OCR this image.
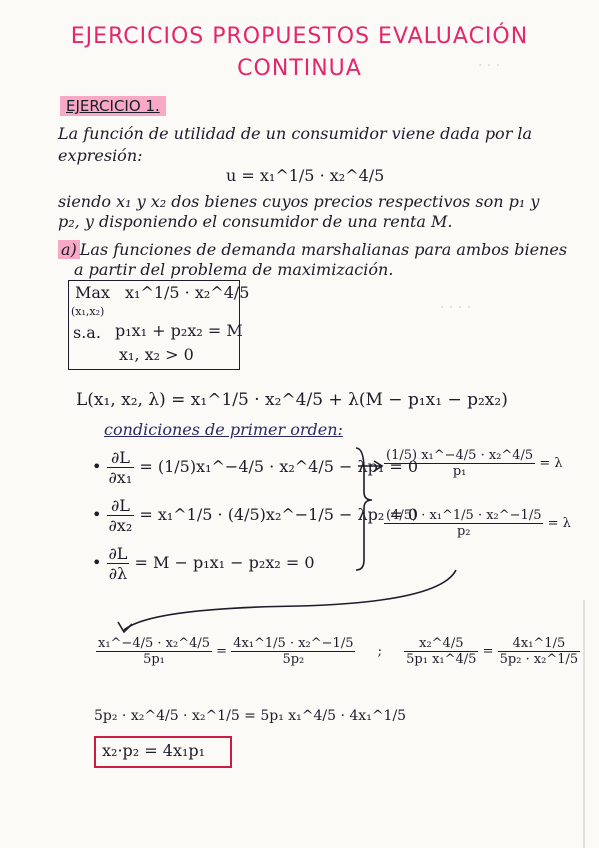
· · ·
· · · ·
EJERCICIOS PROPUESTOS EVALUACIÓN
CONTINUA
EJERCICIO 1.
La función de utilidad de un consumidor viene dada por la
expresión:
u = x₁^1/5 · x₂^4/5
siendo x₁ y x₂ dos bienes cuyos precios respectivos son p₁ y
p₂, y disponiendo el consumidor de una renta M.
a) Las funciones de demanda marshalianas para ambos bienes
a partir del problema de maximización.
Max x₁^1/5 · x₂^4/5
(x₁,x₂)
s.a. p₁x₁ + p₂x₂ = M
x₁, x₂ > 0
L(x₁, x₂, λ) = x₁^1/5 · x₂^4/5 + λ(M − p₁x₁ − p₂x₂)
condiciones de primer orden:
• $\frac{\partial L}{\text{∂x₁}}$ = (1/5)x₁^−4/5 · x₂^4/5 − λp₁ = 0
• $\frac{\partial L}{\text{∂x₂}}$ = x₁^1/5 · (4/5)x₂^−1/5 − λp₂ = 0
• $\frac{\partial L}{\partial\lambda} = M - p_1x_1 - p_2x_2 = 0$
$\frac{\text{(1/5) x₁\textasciicircum{}−4/5 · x₂\textasciicircum{}4/5}}{\text{p₁}} = \lambda$
$\frac{\text{(4/5) · x₁\textasciicircum{}1/5 · x₂\textasciicircum{}−1/5}}{\text{p₂}} = \lambda$
$\frac{\text{x₁\textasciicircum{}−4/5 · x₂\textasciicircum{}4/5}}{\text{5p₁}} = \frac{\text{4x₁\textasciicircum{}1/5 · x₂\textasciicircum{}−1/5}}{\text{5p₂}}$ ; $\frac{\text{x₂\textasciicircum{}4/5}}{\text{5p₁ x₁\textasciicircum{}4/5}} = \frac{\text{4x₁\textasciicircum{}1/5}}{\text{5p₂ · x₂\textasciicircum{}1/5}}$
5p₂ · x₂^4/5 · x₂^1/5 = 5p₁ x₁^4/5 · 4x₁^1/5
x₂·p₂ = 4x₁p₁
